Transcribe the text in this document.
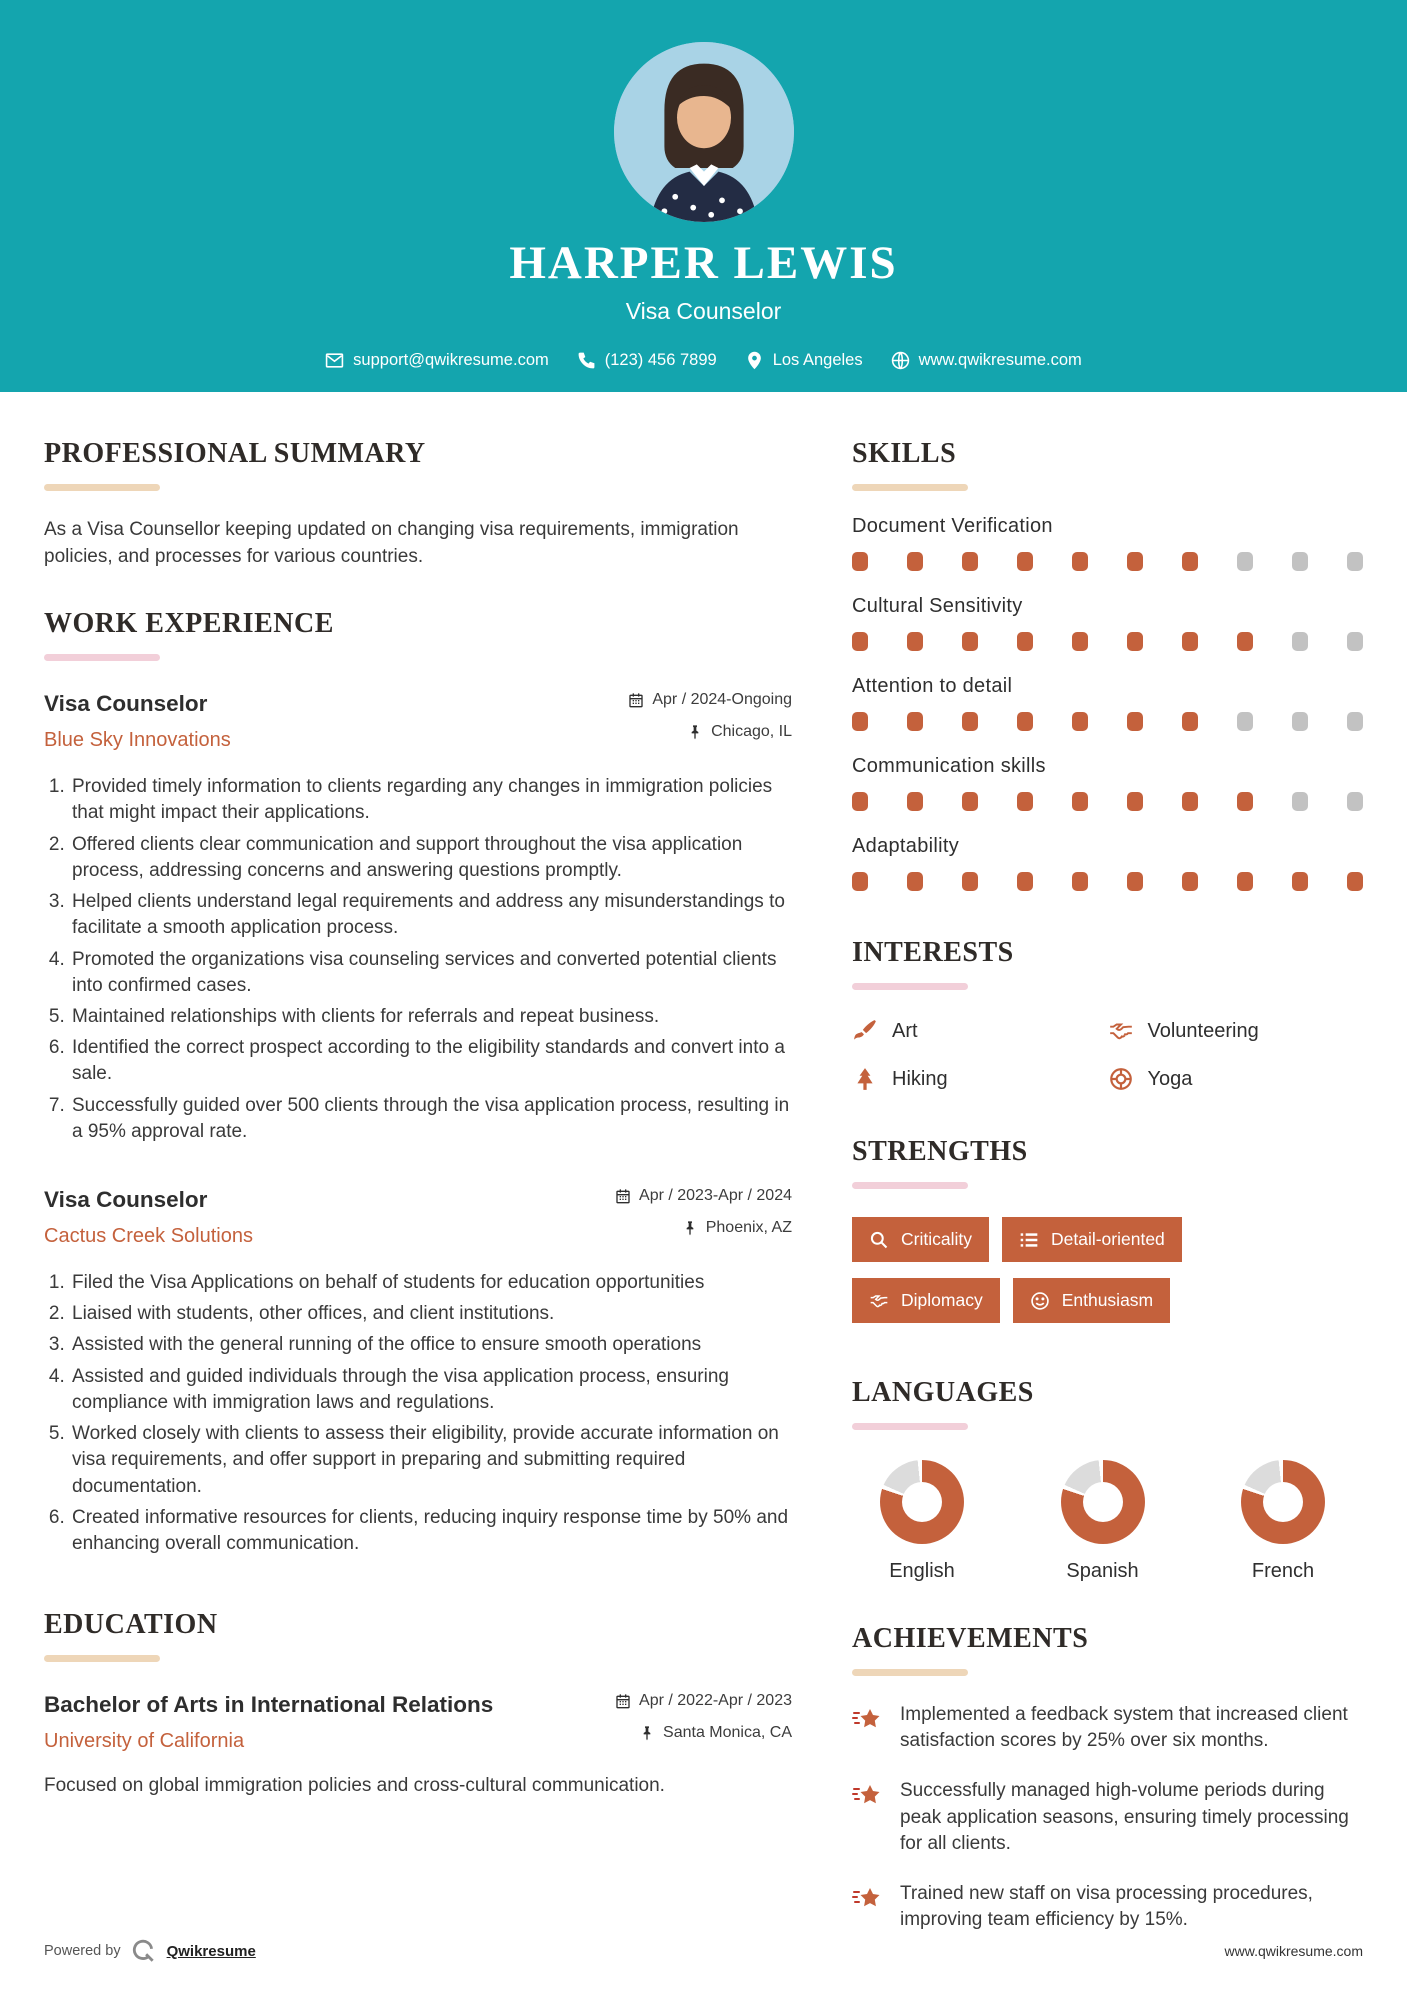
HARPER LEWIS
Visa Counselor
support@qwikresume.com	(123) 456 7899	Los Angeles	www.qwikresume.com
PROFESSIONAL SUMMARY

As a Visa Counsellor keeping updated on changing visa requirements, immigration policies, and processes for various countries.

WORK EXPERIENCE
Visa Counselor
Blue Sky Innovations
Apr / 2024-Ongoing
Chicago, IL
1. Provided timely information to clients regarding any changes in immigration policies that might impact their applications.
2. Offered clients clear communication and support throughout the visa application process, addressing concerns and answering questions promptly.
3. Helped clients understand legal requirements and address any misunderstandings to facilitate a smooth application process.
4. Promoted the organizations visa counseling services and converted potential clients into confirmed cases.
5. Maintained relationships with clients for referrals and repeat business.
6. Identified the correct prospect according to the eligibility standards and convert into a sale.
7. Successfully guided over 500 clients through the visa application process, resulting in a 95% approval rate.
Visa Counselor
Cactus Creek Solutions
Apr / 2023-Apr / 2024
Phoenix, AZ
1. Filed the Visa Applications on behalf of students for education opportunities
2. Liaised with students, other offices, and client institutions.
3. Assisted with the general running of the office to ensure smooth operations
4. Assisted and guided individuals through the visa application process, ensuring compliance with immigration laws and regulations.
5. Worked closely with clients to assess their eligibility, provide accurate information on visa requirements, and offer support in preparing and submitting required documentation.
6. Created informative resources for clients, reducing inquiry response time by 50% and enhancing overall communication.
EDUCATION
Bachelor of Arts in International Relations
University of California
Apr / 2022-Apr / 2023
Santa Monica, CA

Focused on global immigration policies and cross-cultural communication.

SKILLS
Document Verification
Cultural Sensitivity
Attention to detail
Communication skills
Adaptability
INTERESTS
Art	Volunteering
Hiking	Yoga
STRENGTHS
Criticality	Detail-oriented

Diplomacy	Enthusiasm
LANGUAGES
English	Spanish	French
ACHIEVEMENTS
Implemented a feedback system that increased client satisfaction scores by 25% over six months.
Successfully managed high-volume periods during peak application seasons, ensuring timely processing for all clients.
Trained new staff on visa processing procedures, improving team efficiency by 15%.
Powered by	Qwikresume	www.qwikresume.com
